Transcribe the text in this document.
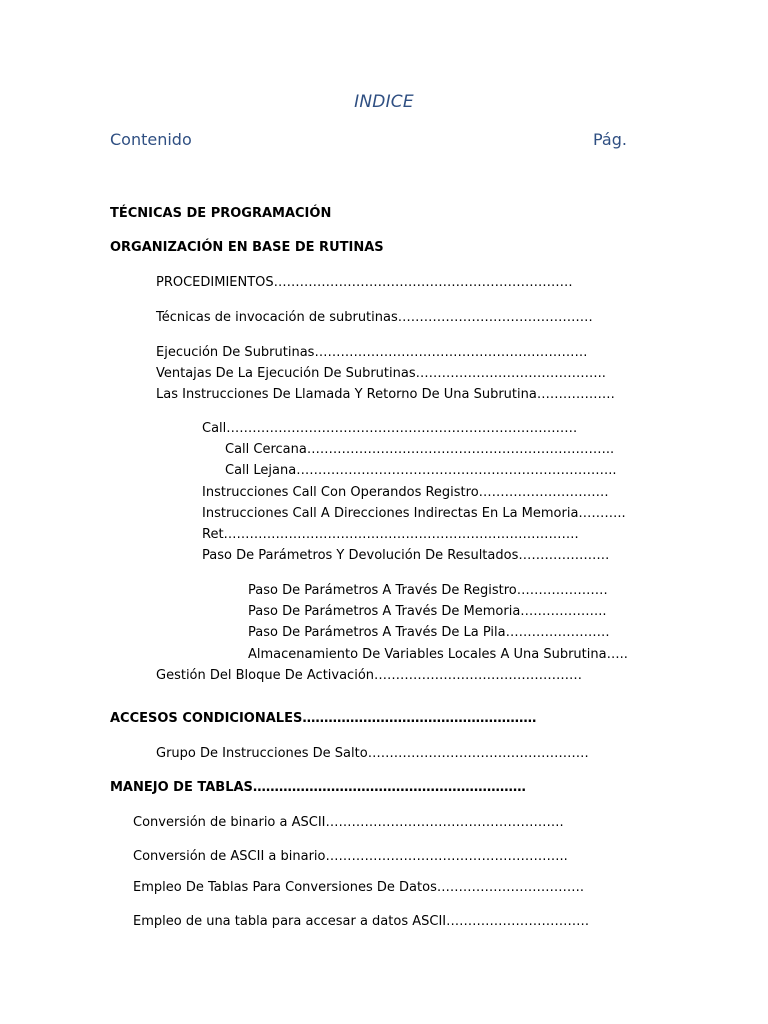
INDICE
Contenido	Pág.
TÉCNICAS DE PROGRAMACIÓN
ORGANIZACIÓN EN BASE DE RUTINAS
PROCEDIMIENTOS……………………………………………………………
Técnicas de invocación de subrutinas………………………………………
Ejecución De Subrutinas………………………………………………………
Ventajas De La Ejecución De Subrutinas……………………………………..
Las Instrucciones De Llamada Y Retorno De Una Subrutina………………
Call………………………………………………………………………
Call Cercana……………………………………………………………..
Call Lejana………………………………………………………………..
Instrucciones Call Con Operandos Registro…………………………
Instrucciones Call A Direcciones Indirectas En La Memoria………..
Ret……………………………………………………………………….
Paso De Parámetros Y Devolución De Resultados…………………
Paso De Parámetros A Través De Registro…………………
Paso De Parámetros A Través De Memoria………………..
Paso De Parámetros A Través De La Pila……………………
Almacenamiento De Variables Locales A Una Subrutina…..
Gestión Del Bloque De Activación…………………………………………
ACCESOS CONDICIONALES………………………………………………
Grupo De Instrucciones De Salto……………………………………………
MANEJO DE TABLAS………………………………………………………
Conversión de binario a ASCII……………………………………………….
Conversión de ASCII a binario………………………………………………..
Empleo De Tablas Para Conversiones De Datos…………………………….
Empleo de una tabla para accesar a datos ASCII……………………………
